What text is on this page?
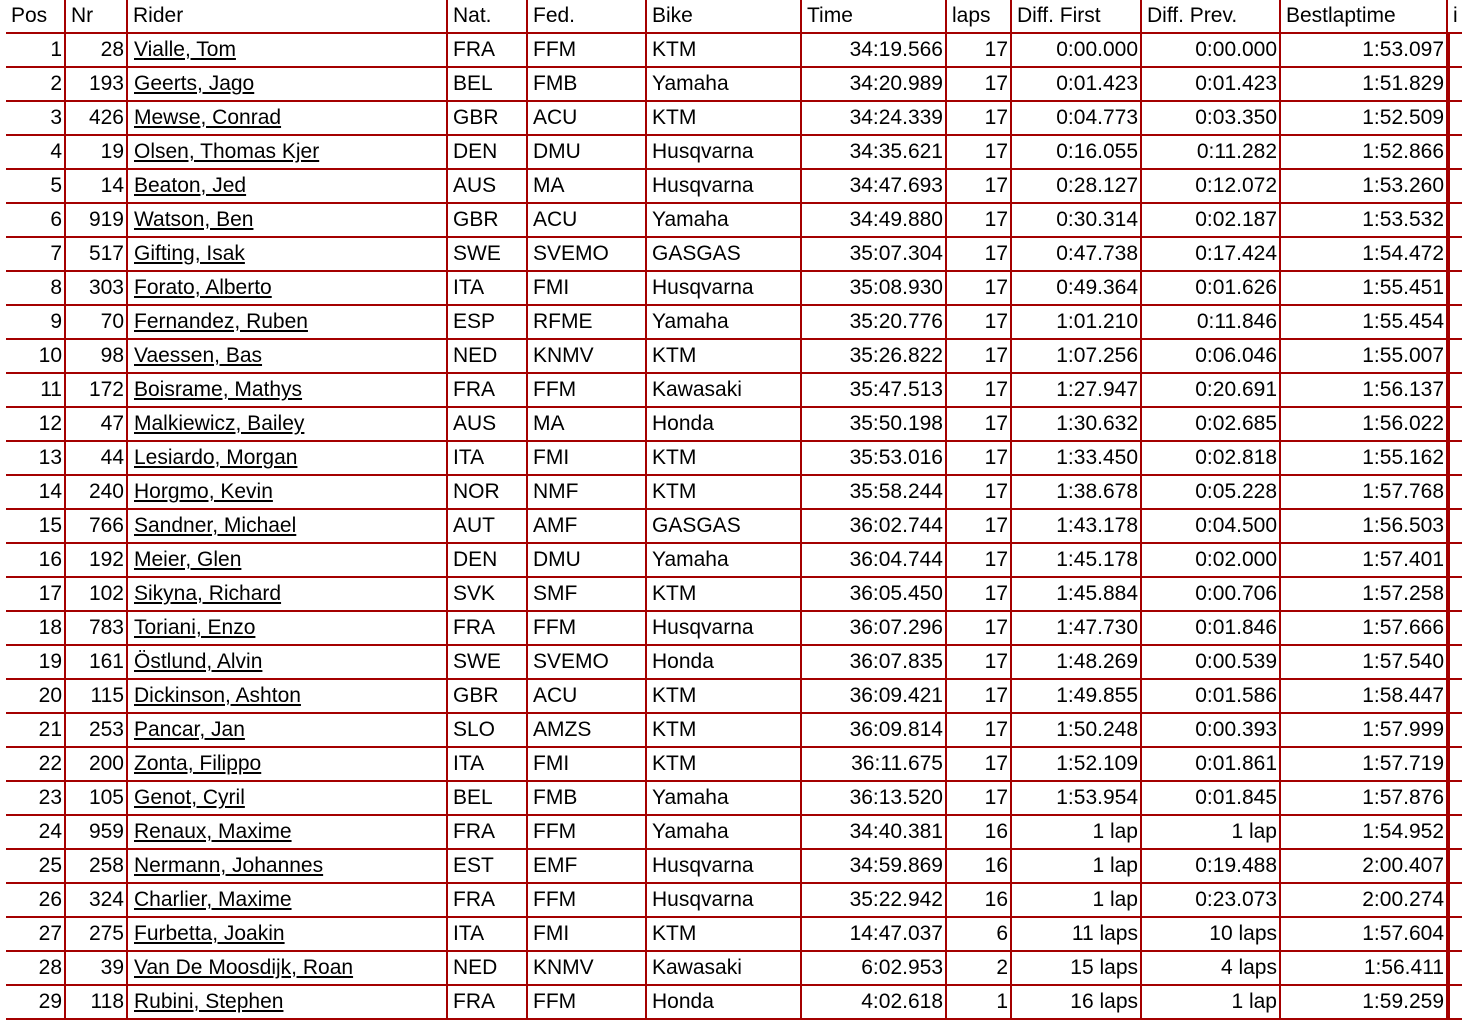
Pos	Nr	Rider	Nat.	Fed.	Bike	Time	laps	Diff. First	Diff. Prev.	Bestlaptime	i
1	28	Vialle, Tom	FRA	FFM	KTM	34:19.566	17	0:00.000	0:00.000	1:53.097	
2	193	Geerts, Jago	BEL	FMB	Yamaha	34:20.989	17	0:01.423	0:01.423	1:51.829	
3	426	Mewse, Conrad	GBR	ACU	KTM	34:24.339	17	0:04.773	0:03.350	1:52.509	
4	19	Olsen, Thomas Kjer	DEN	DMU	Husqvarna	34:35.621	17	0:16.055	0:11.282	1:52.866	
5	14	Beaton, Jed	AUS	MA	Husqvarna	34:47.693	17	0:28.127	0:12.072	1:53.260	
6	919	Watson, Ben	GBR	ACU	Yamaha	34:49.880	17	0:30.314	0:02.187	1:53.532	
7	517	Gifting, Isak	SWE	SVEMO	GASGAS	35:07.304	17	0:47.738	0:17.424	1:54.472	
8	303	Forato, Alberto	ITA	FMI	Husqvarna	35:08.930	17	0:49.364	0:01.626	1:55.451	
9	70	Fernandez, Ruben	ESP	RFME	Yamaha	35:20.776	17	1:01.210	0:11.846	1:55.454	
10	98	Vaessen, Bas	NED	KNMV	KTM	35:26.822	17	1:07.256	0:06.046	1:55.007	
11	172	Boisrame, Mathys	FRA	FFM	Kawasaki	35:47.513	17	1:27.947	0:20.691	1:56.137	
12	47	Malkiewicz, Bailey	AUS	MA	Honda	35:50.198	17	1:30.632	0:02.685	1:56.022	
13	44	Lesiardo, Morgan	ITA	FMI	KTM	35:53.016	17	1:33.450	0:02.818	1:55.162	
14	240	Horgmo, Kevin	NOR	NMF	KTM	35:58.244	17	1:38.678	0:05.228	1:57.768	
15	766	Sandner, Michael	AUT	AMF	GASGAS	36:02.744	17	1:43.178	0:04.500	1:56.503	
16	192	Meier, Glen	DEN	DMU	Yamaha	36:04.744	17	1:45.178	0:02.000	1:57.401	
17	102	Sikyna, Richard	SVK	SMF	KTM	36:05.450	17	1:45.884	0:00.706	1:57.258	
18	783	Toriani, Enzo	FRA	FFM	Husqvarna	36:07.296	17	1:47.730	0:01.846	1:57.666	
19	161	Östlund, Alvin	SWE	SVEMO	Honda	36:07.835	17	1:48.269	0:00.539	1:57.540	
20	115	Dickinson, Ashton	GBR	ACU	KTM	36:09.421	17	1:49.855	0:01.586	1:58.447	
21	253	Pancar, Jan	SLO	AMZS	KTM	36:09.814	17	1:50.248	0:00.393	1:57.999	
22	200	Zonta, Filippo	ITA	FMI	KTM	36:11.675	17	1:52.109	0:01.861	1:57.719	
23	105	Genot, Cyril	BEL	FMB	Yamaha	36:13.520	17	1:53.954	0:01.845	1:57.876	
24	959	Renaux, Maxime	FRA	FFM	Yamaha	34:40.381	16	1 lap	1 lap	1:54.952	
25	258	Nermann, Johannes	EST	EMF	Husqvarna	34:59.869	16	1 lap	0:19.488	2:00.407	
26	324	Charlier, Maxime	FRA	FFM	Husqvarna	35:22.942	16	1 lap	0:23.073	2:00.274	
27	275	Furbetta, Joakin	ITA	FMI	KTM	14:47.037	6	11 laps	10 laps	1:57.604	
28	39	Van De Moosdijk, Roan	NED	KNMV	Kawasaki	6:02.953	2	15 laps	4 laps	1:56.411	
29	118	Rubini, Stephen	FRA	FFM	Honda	4:02.618	1	16 laps	1 lap	1:59.259	
